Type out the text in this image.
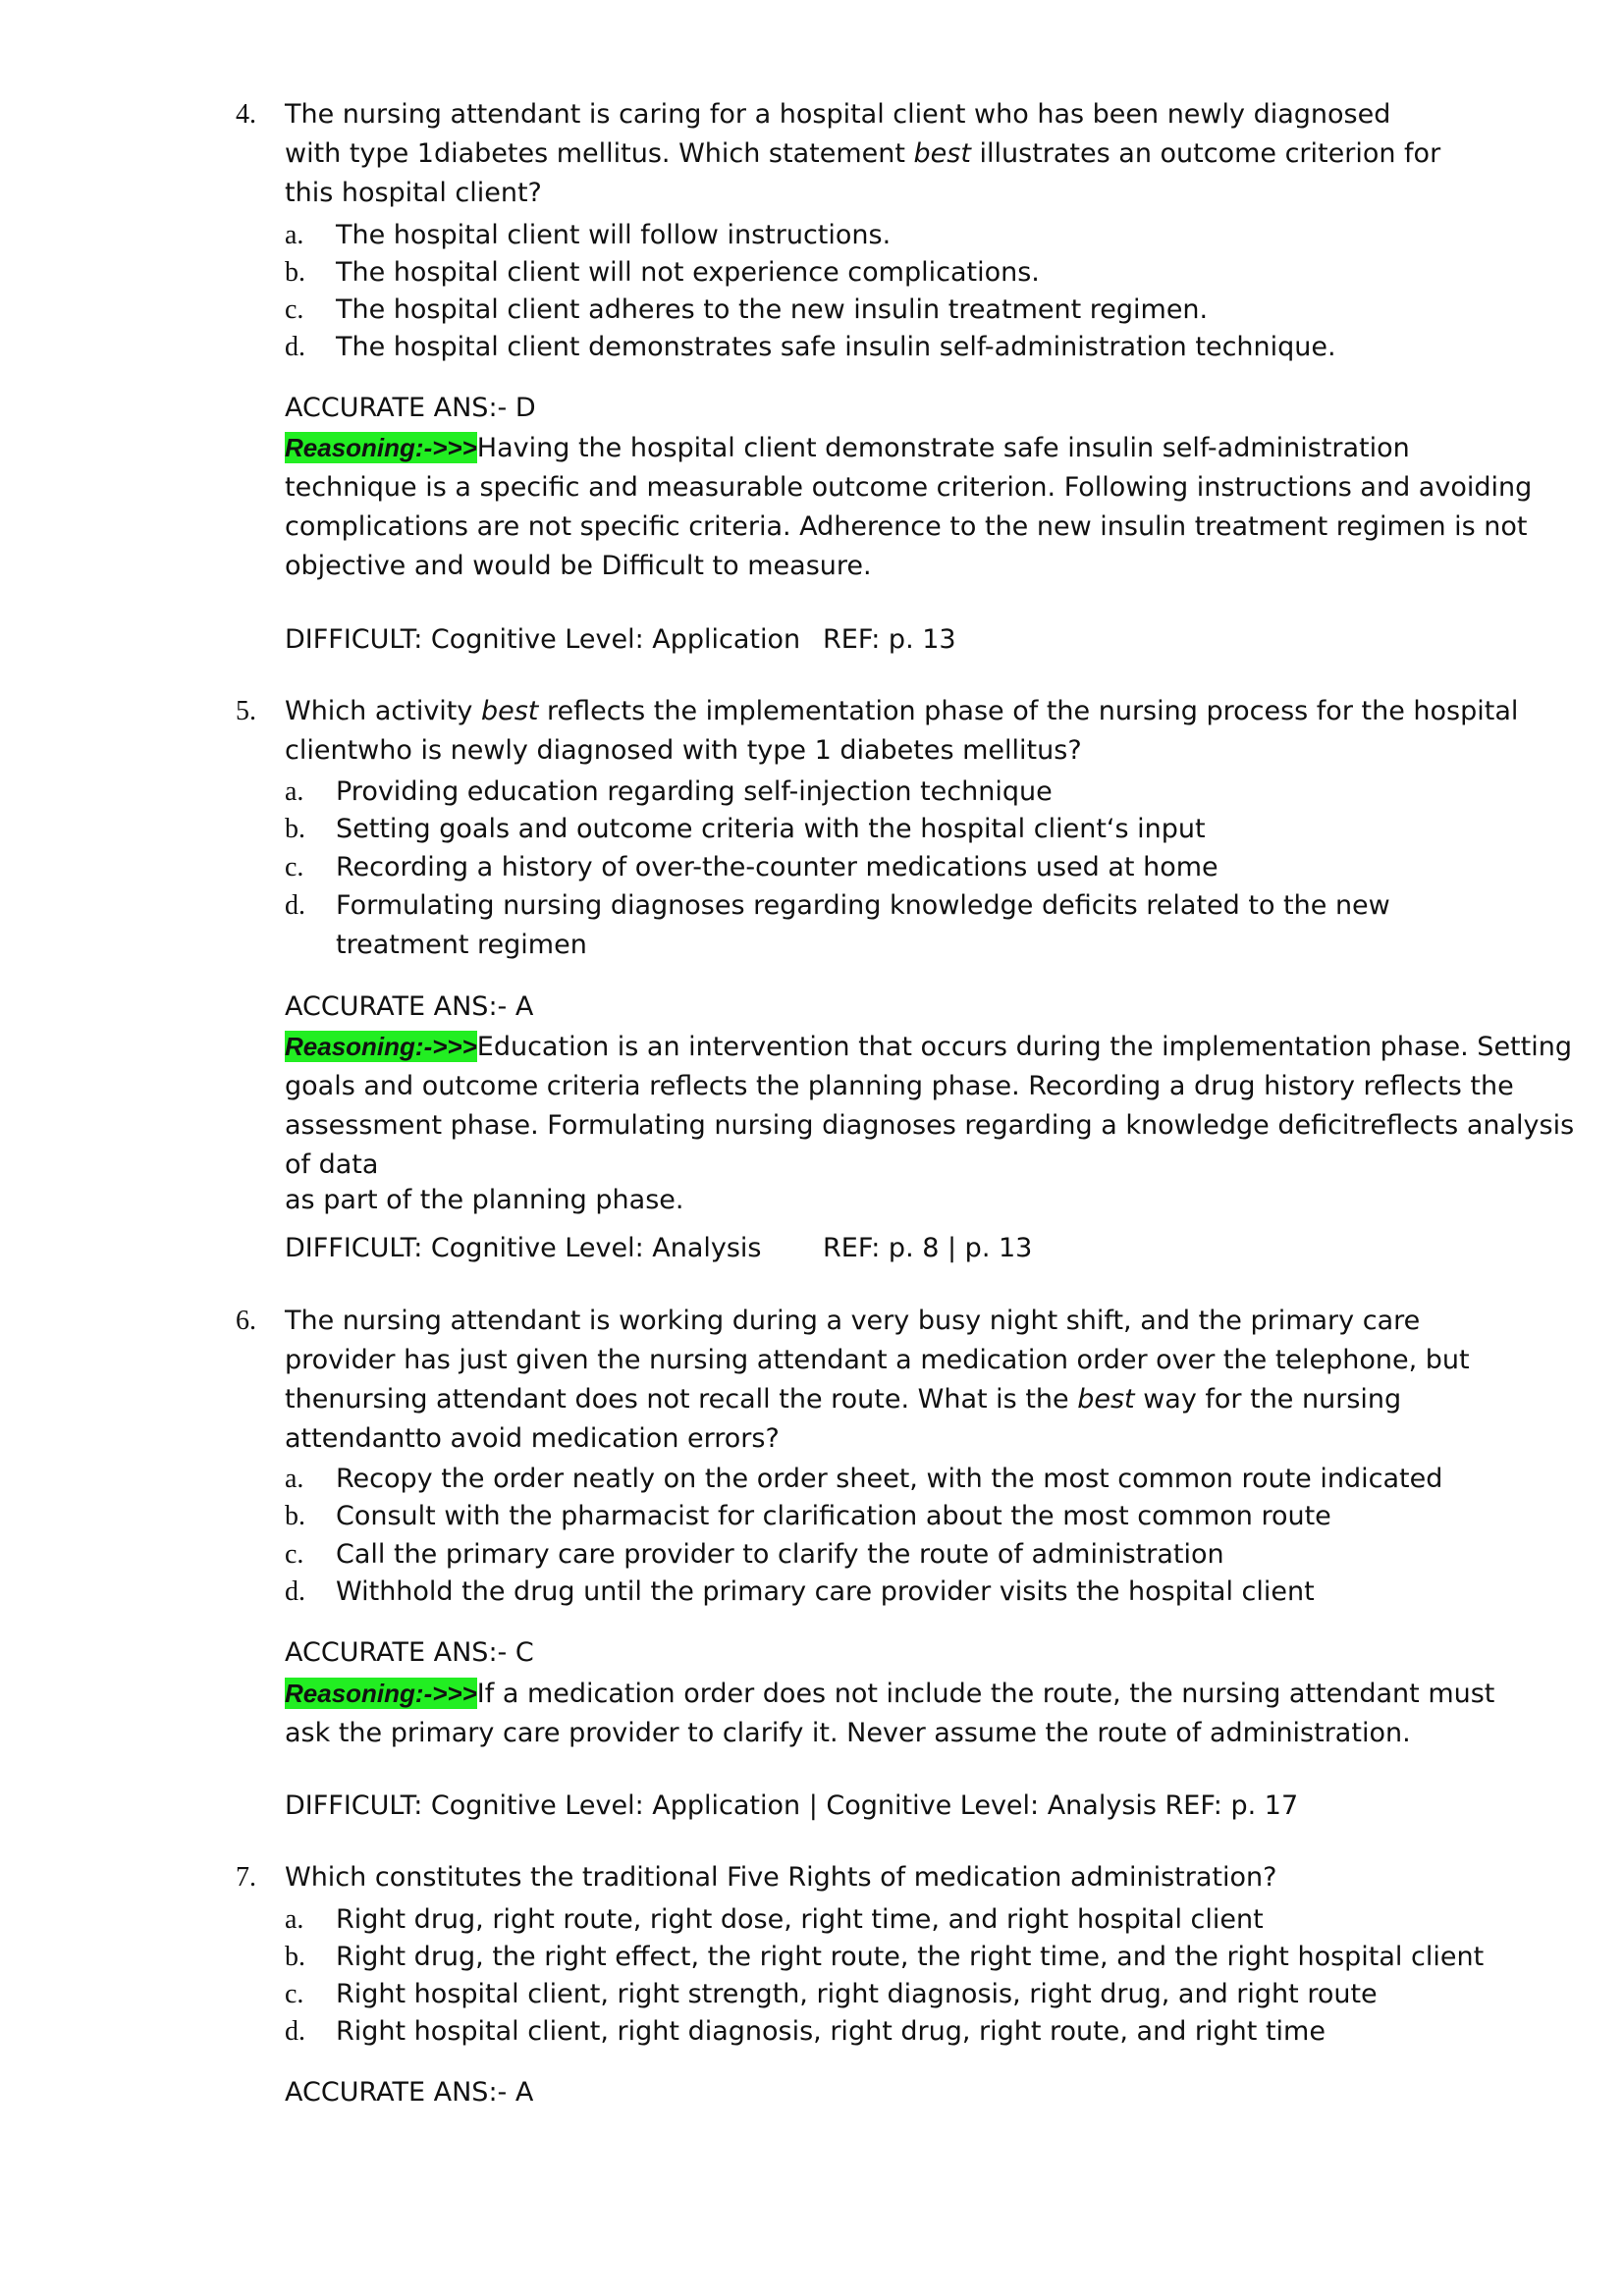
4. The nursing attendant is caring for a hospital client who has been newly diagnosed
with type 1diabetes mellitus. Which statement best illustrates an outcome criterion for
this hospital client?
a. The hospital client will follow instructions.
b. The hospital client will not experience complications.
c. The hospital client adheres to the new insulin treatment regimen.
d. The hospital client demonstrates safe insulin self-administration technique.
ACCURATE ANS:- D
Reasoning:->>>Having the hospital client demonstrate safe insulin self-administration
technique is a specific and measurable outcome criterion. Following instructions and avoiding
complications are not specific criteria. Adherence to the new insulin treatment regimen is not
objective and would be Difficult to measure.
DIFFICULT: Cognitive Level: Application REF: p. 13
5. Which activity best reflects the implementation phase of the nursing process for the hospital
clientwho is newly diagnosed with type 1 diabetes mellitus?
a. Providing education regarding self-injection technique
b. Setting goals and outcome criteria with the hospital client‘s input
c. Recording a history of over-the-counter medications used at home
d. Formulating nursing diagnoses regarding knowledge deficits related to the new
treatment regimen
ACCURATE ANS:- A
Reasoning:->>>Education is an intervention that occurs during the implementation phase. Setting
goals and outcome criteria reflects the planning phase. Recording a drug history reflects the
assessment phase. Formulating nursing diagnoses regarding a knowledge deficitreflects analysis
of data
as part of the planning phase.
DIFFICULT: Cognitive Level: Analysis REF: p. 8 | p. 13
6. The nursing attendant is working during a very busy night shift, and the primary care
provider has just given the nursing attendant a medication order over the telephone, but
thenursing attendant does not recall the route. What is the best way for the nursing
attendantto avoid medication errors?
a. Recopy the order neatly on the order sheet, with the most common route indicated
b. Consult with the pharmacist for clarification about the most common route
c. Call the primary care provider to clarify the route of administration
d. Withhold the drug until the primary care provider visits the hospital client
ACCURATE ANS:- C
Reasoning:->>>If a medication order does not include the route, the nursing attendant must
ask the primary care provider to clarify it. Never assume the route of administration.
DIFFICULT: Cognitive Level: Application | Cognitive Level: Analysis REF: p. 17
7. Which constitutes the traditional Five Rights of medication administration?
a. Right drug, right route, right dose, right time, and right hospital client
b. Right drug, the right effect, the right route, the right time, and the right hospital client
c. Right hospital client, right strength, right diagnosis, right drug, and right route
d. Right hospital client, right diagnosis, right drug, right route, and right time
ACCURATE ANS:- A
